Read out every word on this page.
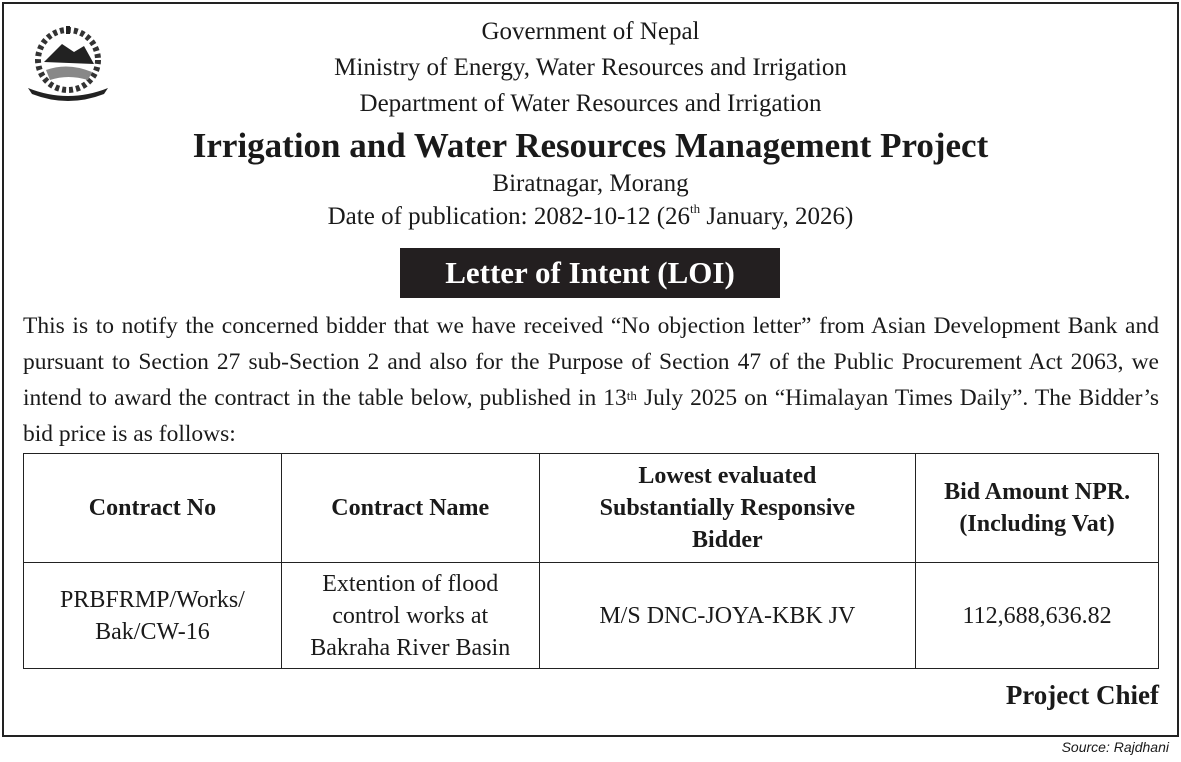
Government of Nepal
Ministry of Energy, Water Resources and Irrigation
Department of Water Resources and Irrigation
Irrigation and Water Resources Management Project
Biratnagar, Morang
Date of publication: 2082-10-12 (26th January, 2026)
Letter of Intent (LOI)
This is to notify the concerned bidder that we have received “No objection letter” from Asian Development Bank and pursuant to Section 27 sub-Section 2 and also for the Purpose of Section 47 of the Public Procurement Act 2063, we intend to award the contract in the table below, published in 13th July 2025 on “Himalayan Times Daily”. The Bidder’s bid price is as follows:
Contract No	Contract Name	Lowest evaluated Substantially Responsive Bidder	Bid Amount NPR. (Including Vat)
PRBFRMP/Works/ Bak/CW-16	Extention of flood control works at Bakraha River Basin	M/S DNC-JOYA-KBK JV	112,688,636.82
Project Chief
Source: Rajdhani
